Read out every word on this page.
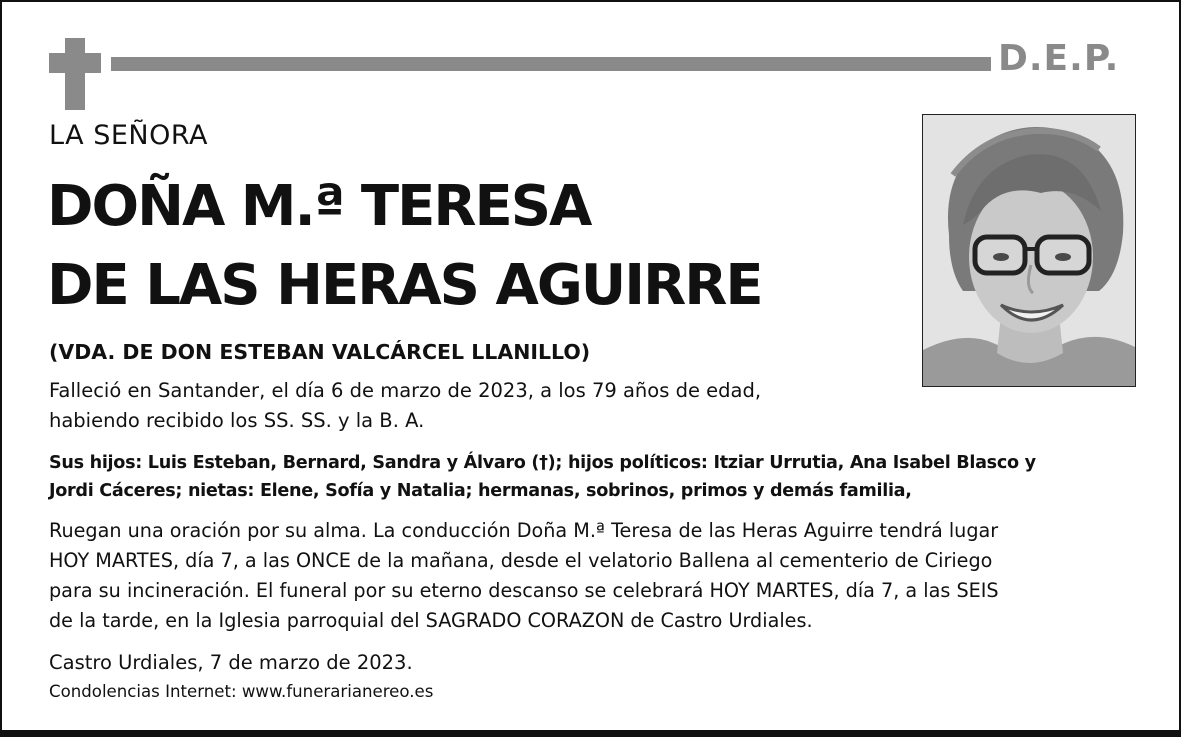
D.E.P.
LA SEÑORA
DOÑA M.ª TERESA
DE LAS HERAS AGUIRRE
(VDA. DE DON ESTEBAN VALCÁRCEL LLANILLO)
Falleció en Santander, el día 6 de marzo de 2023, a los 79 años de edad,
habiendo recibido los SS. SS. y la B. A.
Sus hijos: Luis Esteban, Bernard, Sandra y Álvaro (†); hijos políticos: Itziar Urrutia, Ana Isabel Blasco y
Jordi Cáceres; nietas: Elene, Sofía y Natalia; hermanas, sobrinos, primos y demás familia,
Ruegan una oración por su alma. La conducción Doña M.ª Teresa de las Heras Aguirre tendrá lugar
HOY MARTES, día 7, a las ONCE de la mañana, desde el velatorio Ballena al cementerio de Ciriego
para su incineración. El funeral por su eterno descanso se celebrará HOY MARTES, día 7, a las SEIS
de la tarde, en la Iglesia parroquial del SAGRADO CORAZON de Castro Urdiales.
Castro Urdiales, 7 de marzo de 2023.
Condolencias Internet: www.funerarianereo.es
